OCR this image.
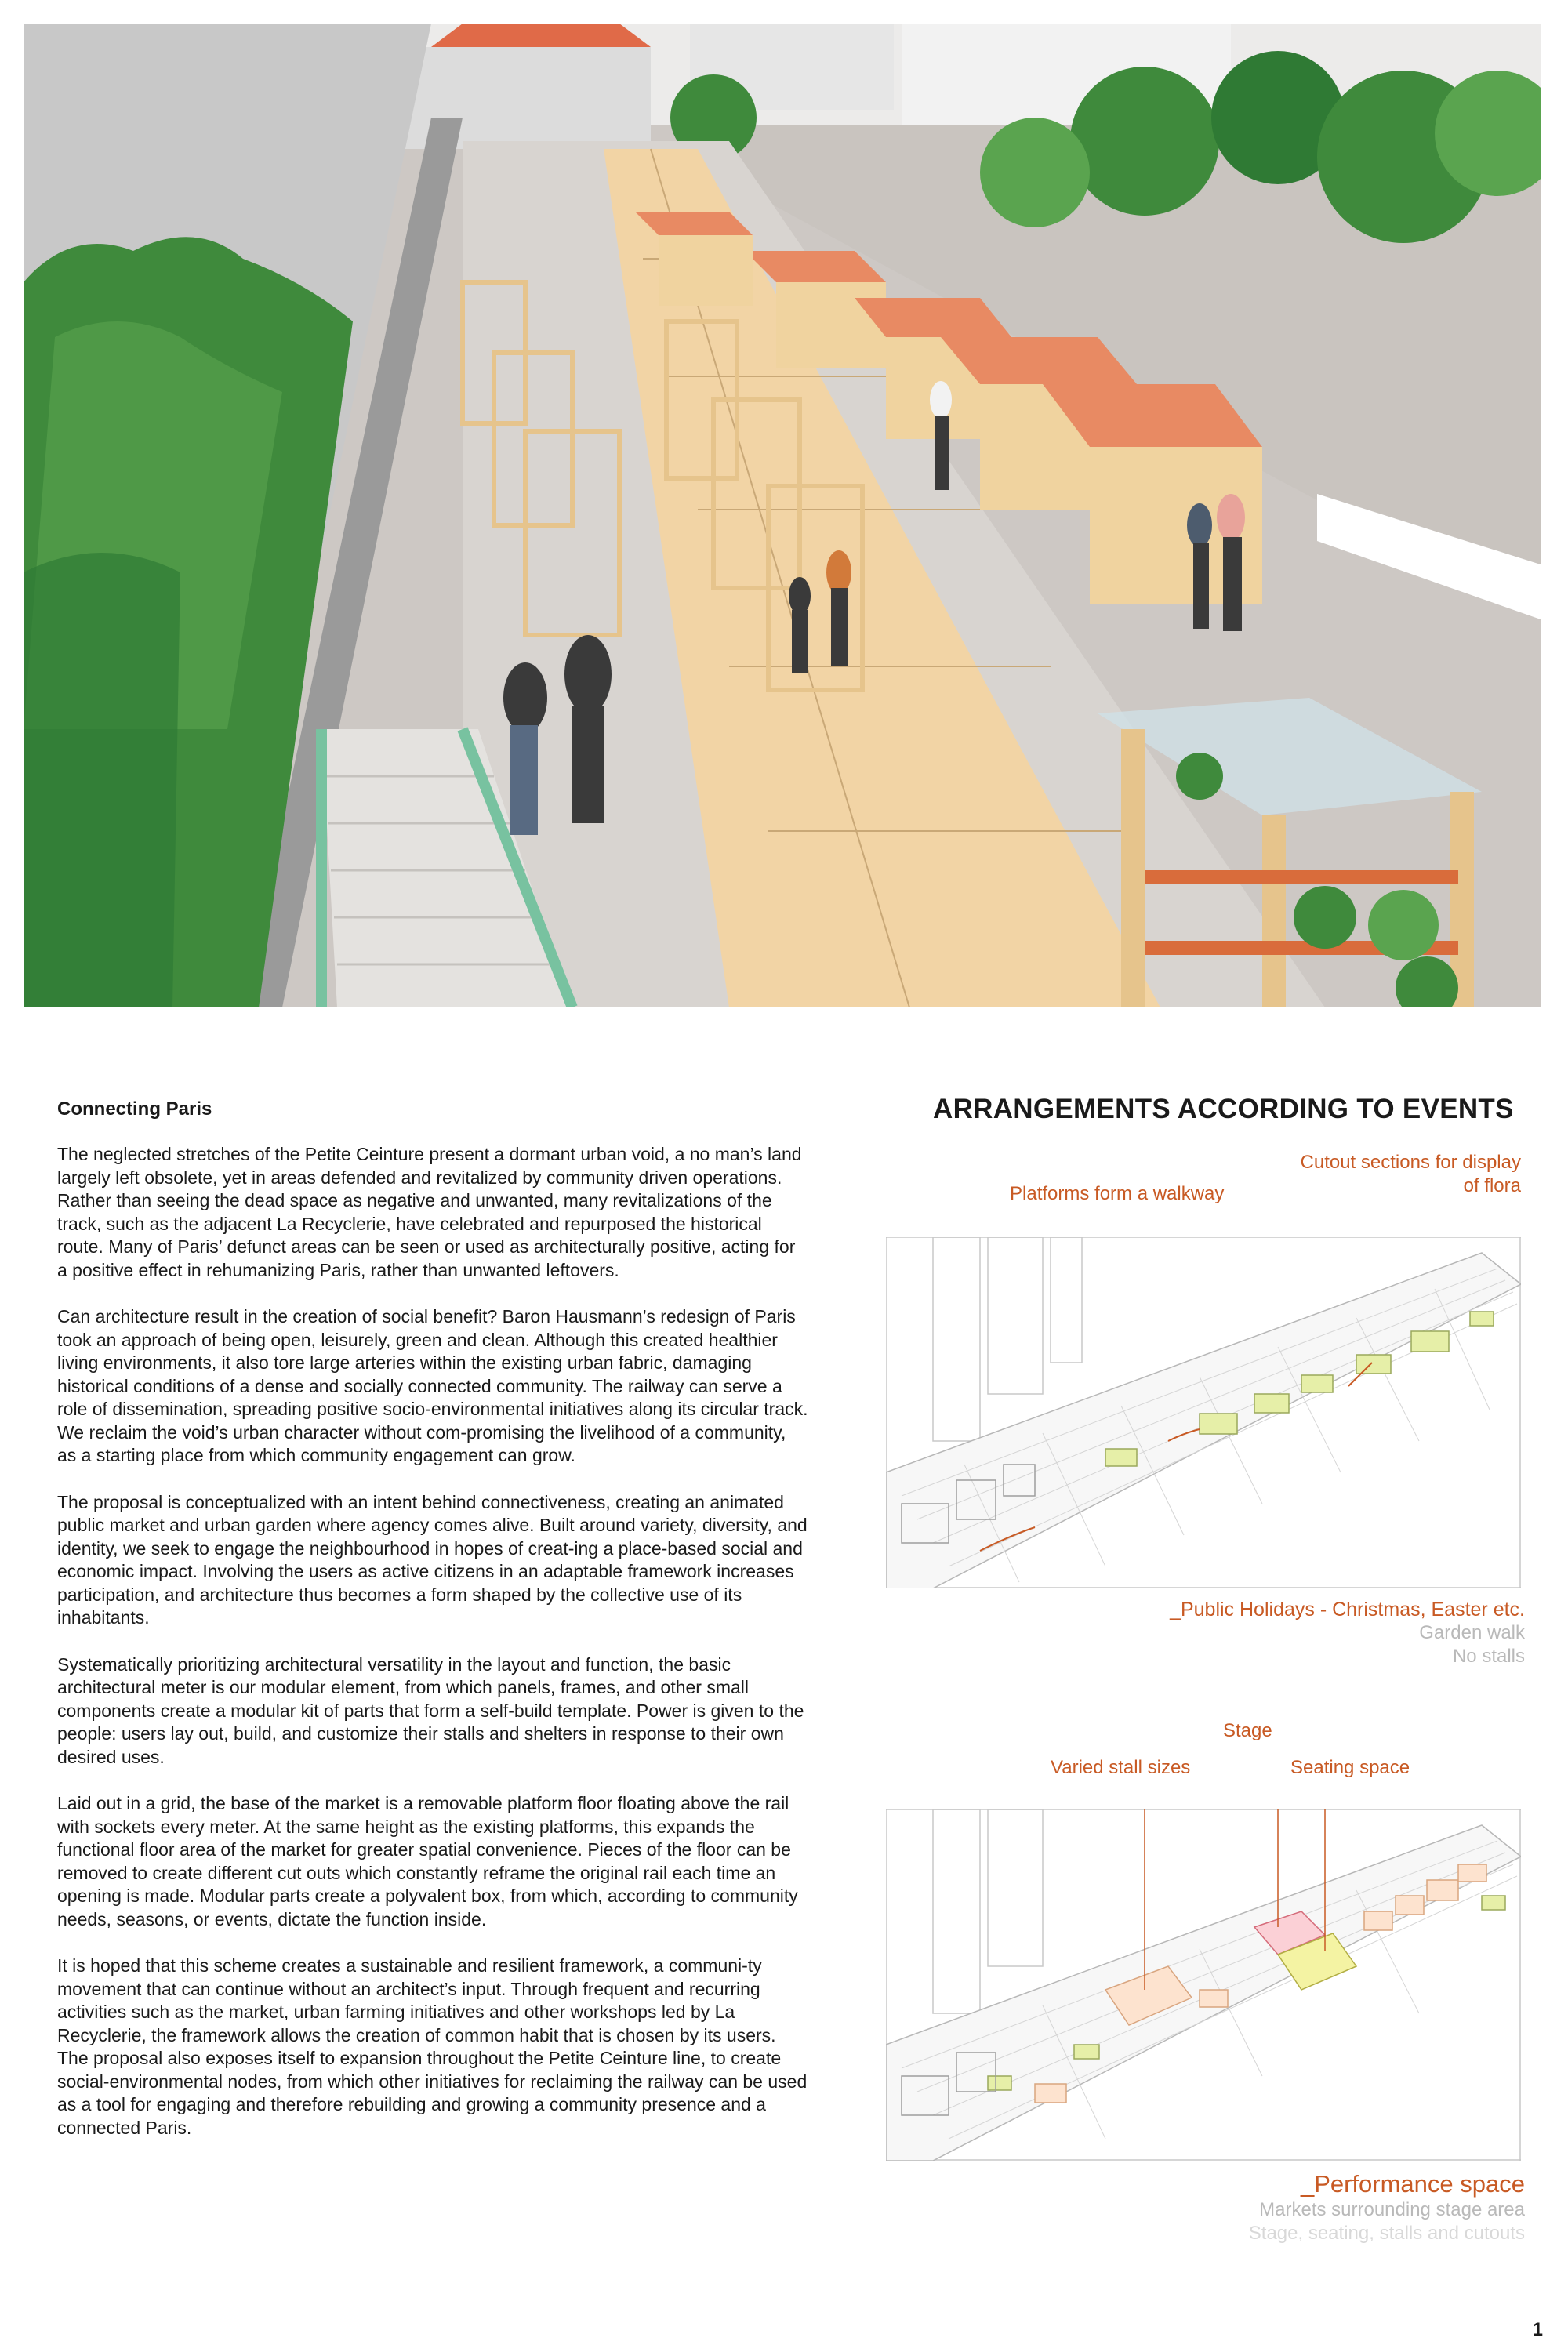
Connecting Paris

The neglected stretches of the Petite Ceinture present a dormant urban void, a no man’s land largely left obsolete, yet in areas defended and revitalized by community driven operations. Rather than seeing the dead space as negative and unwanted, many revitalizations of the track, such as the adjacent La Recyclerie, have celebrated and repurposed the historical route. Many of Paris’ defunct areas can be seen or used as architecturally positive, acting for a positive effect in rehumanizing Paris, rather than unwanted leftovers.

Can architecture result in the creation of social benefit? Baron Hausmann’s redesign of Paris took an approach of being open, leisurely, green and clean. Although this created healthier living environments, it also tore large arteries within the existing urban fabric, damaging historical conditions of a dense and socially connected community. The railway can serve a role of dissemination, spreading positive socio-environmental initiatives along its circular track. We reclaim the void’s urban character without com-promising the livelihood of a community, as a starting place from which community engagement can grow.

The proposal is conceptualized with an intent behind connectiveness, creating an animated public market and urban garden where agency comes alive. Built around variety, diversity, and identity, we seek to engage the neighbourhood in hopes of creat-ing a place-based social and economic impact. Involving the users as active citizens in an adaptable framework increases participation, and architecture thus becomes a form shaped by the collective use of its inhabitants.

Systematically prioritizing architectural versatility in the layout and function, the basic architectural meter is our modular element, from which panels, frames, and other small components create a modular kit of parts that form a self-build template. Power is given to the people: users lay out, build, and customize their stalls and shelters in response to their own desired uses.

Laid out in a grid, the base of the market is a removable platform floor floating above the rail with sockets every meter. At the same height as the existing platforms, this expands the functional floor area of the market for greater spatial convenience. Pieces of the floor can be removed to create different cut outs which constantly reframe the original rail each time an opening is made. Modular parts create a polyvalent box, from which, according to community needs, seasons, or events, dictate the function inside.

It is hoped that this scheme creates a sustainable and resilient framework, a communi-ty movement that can continue without an architect’s input. Through frequent and recurring activities such as the market, urban farming initiatives and other workshops led by La Recyclerie, the framework allows the creation of common habit that is chosen by its users. The proposal also exposes itself to expansion throughout the Petite Ceinture line, to create social-environmental nodes, from which other initiatives for reclaiming the railway can be used as a tool for engaging and therefore rebuilding and growing a community presence and a connected Paris.

ARRANGEMENTS ACCORDING TO EVENTS
Cutout sections for display
of flora
Platforms form a walkway
_Public Holidays - Christmas, Easter etc.
Garden walk
No stalls
Stage
Varied stall sizes	Seating space
_Performance space
Markets surrounding stage area
Stage, seating, stalls and cutouts
1
